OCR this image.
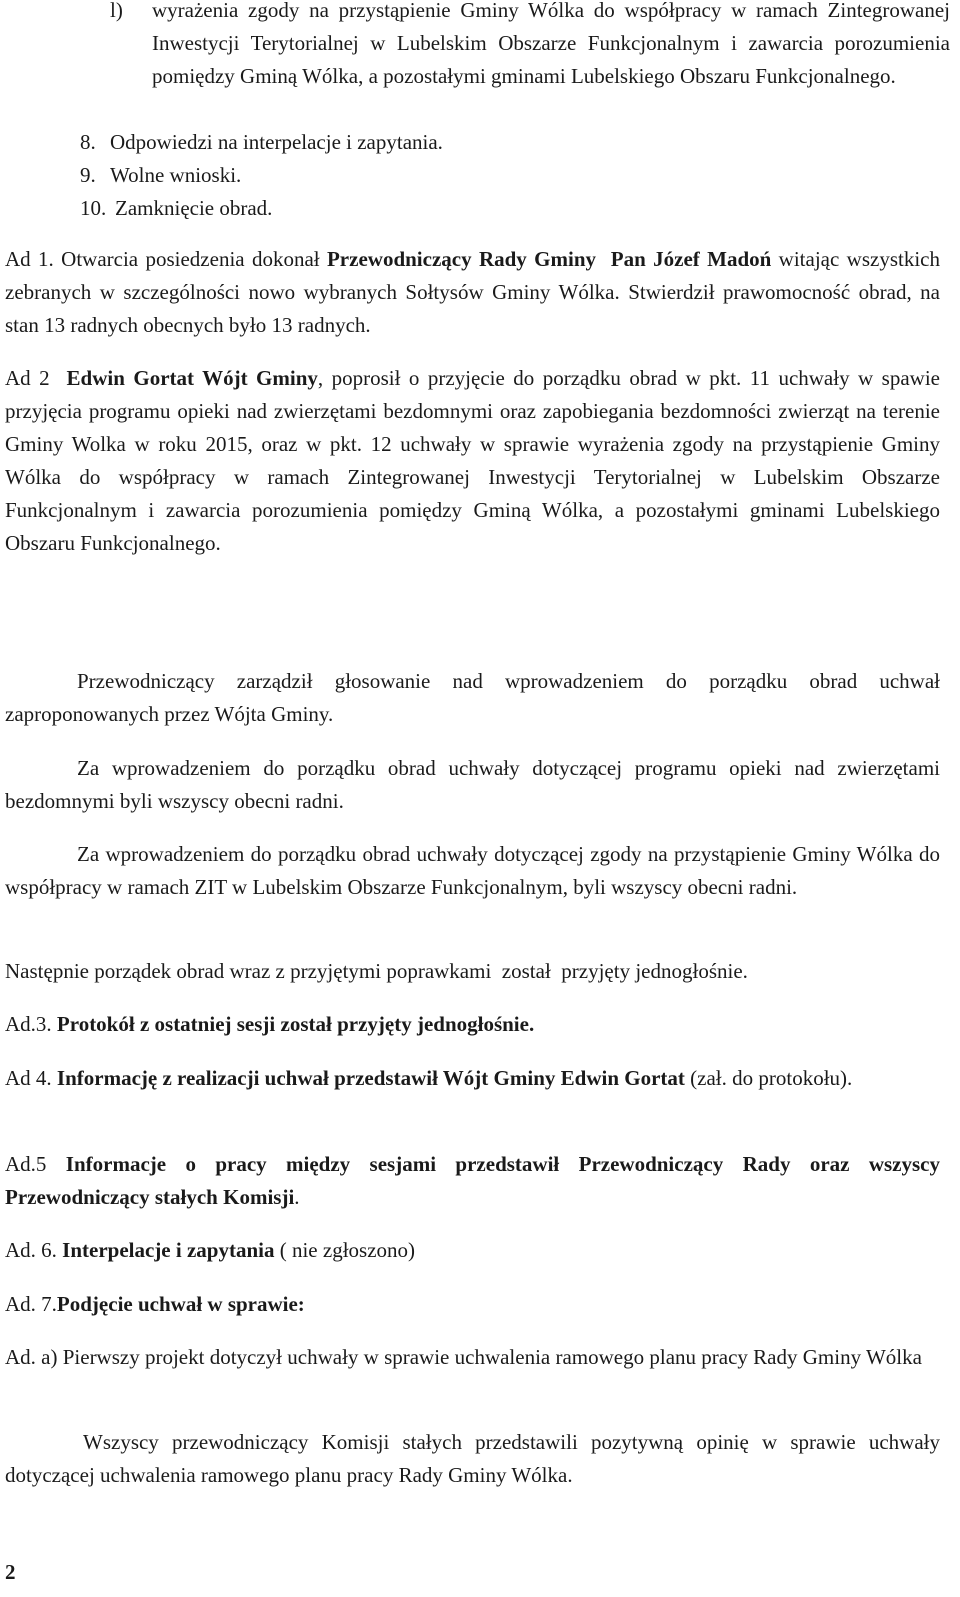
l) wyrażenia zgody na przystąpienie Gminy Wólka do współpracy w ramach Zintegrowanej Inwestycji Terytorialnej w Lubelskim Obszarze Funkcjonalnym i zawarcia porozumienia pomiędzy Gminą Wólka, a pozostałymi gminami Lubelskiego Obszaru Funkcjonalnego.
8. Odpowiedzi na interpelacje i zapytania.
9. Wolne wnioski.
10. Zamknięcie obrad.

Ad 1. Otwarcia posiedzenia dokonał Przewodniczący Rady Gminy  Pan Józef Madoń witając wszystkich zebranych w szczególności nowo wybranych Sołtysów Gminy Wólka. Stwierdził prawomocność obrad, na stan 13 radnych obecnych było 13 radnych.

Ad 2  Edwin Gortat Wójt Gminy, poprosił o przyjęcie do porządku obrad w pkt. 11 uchwały w spawie przyjęcia programu opieki nad zwierzętami bezdomnymi oraz zapobiegania bezdomności zwierząt na terenie Gminy Wolka w roku 2015, oraz w pkt. 12 uchwały w sprawie wyrażenia zgody na przystąpienie Gminy Wólka do współpracy w ramach Zintegrowanej Inwestycji Terytorialnej w Lubelskim Obszarze Funkcjonalnym i zawarcia porozumienia pomiędzy Gminą Wólka, a pozostałymi gminami Lubelskiego Obszaru Funkcjonalnego.

Przewodniczący zarządził głosowanie nad wprowadzeniem do porządku obrad uchwał zaproponowanych przez Wójta Gminy.

Za wprowadzeniem do porządku obrad uchwały dotyczącej programu opieki nad zwierzętami bezdomnymi byli wszyscy obecni radni.

Za wprowadzeniem do porządku obrad uchwały dotyczącej zgody na przystąpienie Gminy Wólka do współpracy w ramach ZIT w Lubelskim Obszarze Funkcjonalnym, byli wszyscy obecni radni.

Następnie porządek obrad wraz z przyjętymi poprawkami  został  przyjęty jednogłośnie.

Ad.3. Protokół z ostatniej sesji został przyjęty jednogłośnie.

Ad 4. Informację z realizacji uchwał przedstawił Wójt Gminy Edwin Gortat (zał. do protokołu).

Ad.5 Informacje o pracy między sesjami przedstawił Przewodniczący Rady oraz wszyscy Przewodniczący stałych Komisji.

Ad. 6. Interpelacje i zapytania ( nie zgłoszono)

Ad. 7.Podjęcie uchwał w sprawie:

Ad. a) Pierwszy projekt dotyczył uchwały w sprawie uchwalenia ramowego planu pracy Rady Gminy Wólka

Wszyscy przewodniczący Komisji stałych przedstawili pozytywną opinię w sprawie uchwały dotyczącej uchwalenia ramowego planu pracy Rady Gminy Wólka.

2
